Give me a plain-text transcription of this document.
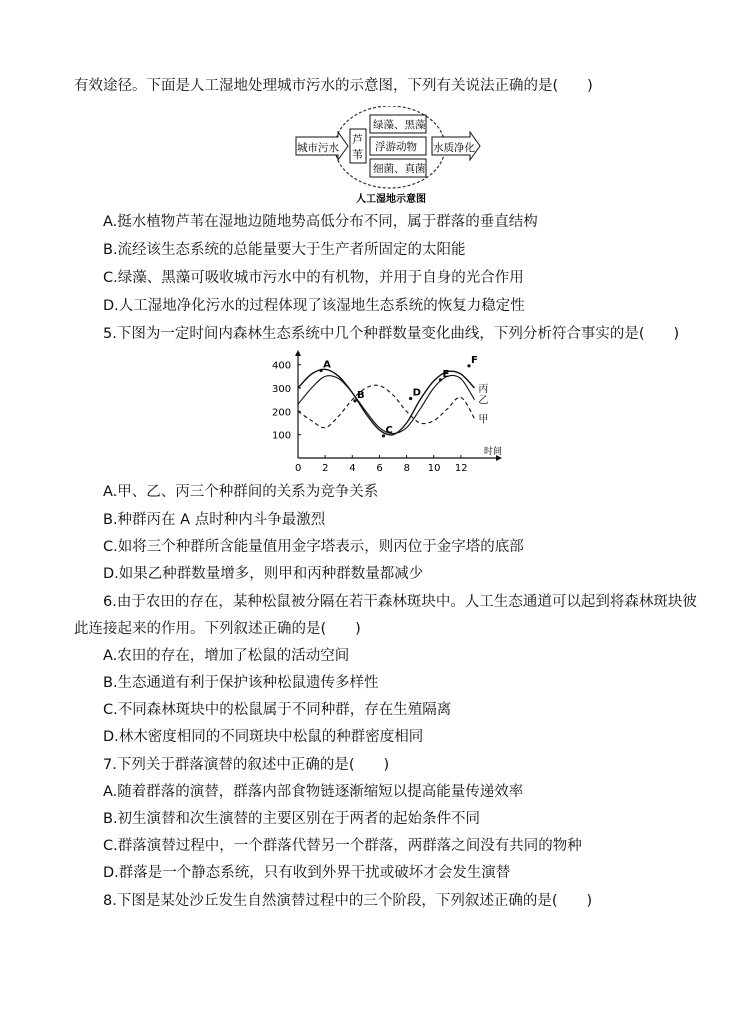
有效途径。下面是人工湿地处理城市污水的示意图，下列有关说法正确的是(　　)
城市污水
芦
苇
绿藻、黑藻
浮游动物
细菌、真菌
水质净化
人工湿地示意图
A.挺水植物芦苇在湿地边随地势高低分布不同，属于群落的垂直结构
B.流经该生态系统的总能量要大于生产者所固定的太阳能
C.绿藻、黑藻可吸收城市污水中的有机物，并用于自身的光合作用
D.人工湿地净化污水的过程体现了该湿地生态系统的恢复力稳定性
5.下图为一定时间内森林生态系统中几个种群数量变化曲线，下列分析符合事实的是(　　)
0 2 4 6 8 10 12
100
200
300
400
时间
丙
乙
甲
A
B
C
D
E
F
A.甲、乙、丙三个种群间的关系为竞争关系
B.种群丙在 A 点时种内斗争最激烈
C.如将三个种群所含能量值用金字塔表示，则丙位于金字塔的底部
D.如果乙种群数量增多，则甲和丙种群数量都减少
6.由于农田的存在，某种松鼠被分隔在若干森林斑块中。人工生态通道可以起到将森林斑块彼
此连接起来的作用。下列叙述正确的是(　　)
A.农田的存在，增加了松鼠的活动空间
B.生态通道有利于保护该种松鼠遗传多样性
C.不同森林斑块中的松鼠属于不同种群，存在生殖隔离
D.林木密度相同的不同斑块中松鼠的种群密度相同
7.下列关于群落演替的叙述中正确的是(　　)
A.随着群落的演替，群落内部食物链逐渐缩短以提高能量传递效率
B.初生演替和次生演替的主要区别在于两者的起始条件不同
C.群落演替过程中，一个群落代替另一个群落，两群落之间没有共同的物种
D.群落是一个静态系统，只有收到外界干扰或破坏才会发生演替
8.下图是某处沙丘发生自然演替过程中的三个阶段，下列叙述正确的是(　　)
